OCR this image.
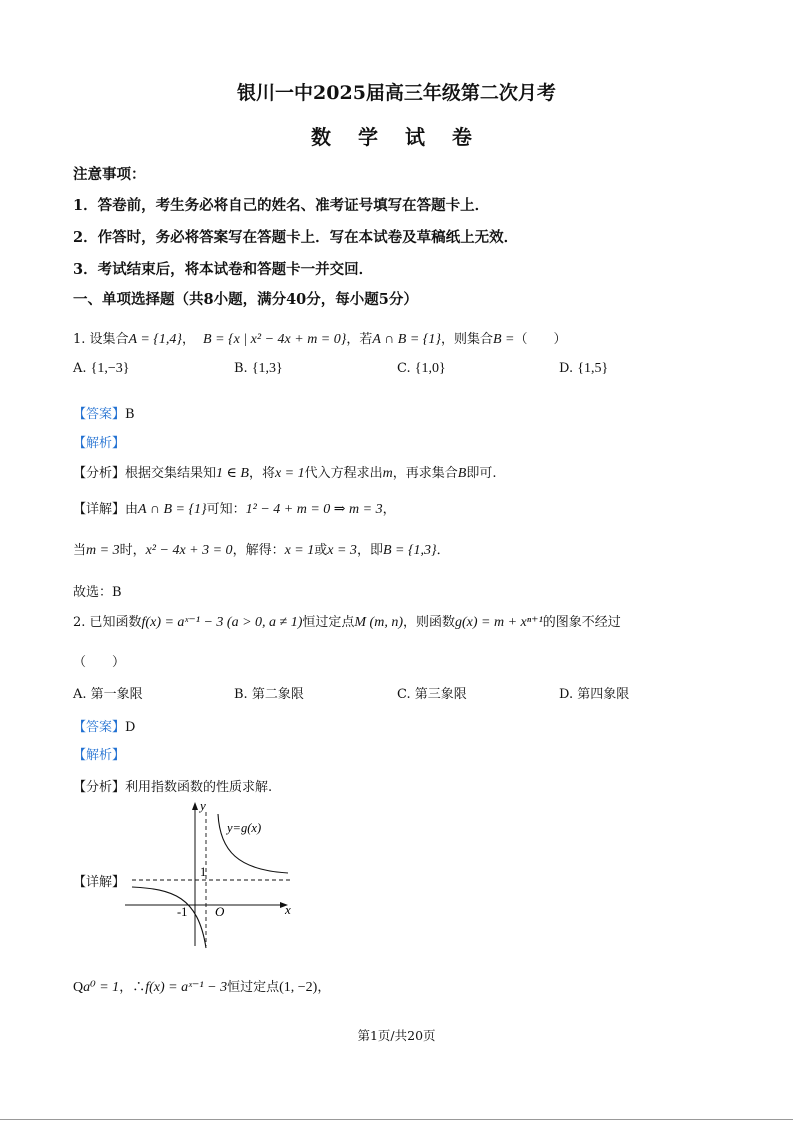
银川一中2025届高三年级第二次月考
数 学 试 卷
注意事项：
1．答卷前，考生务必将自己的姓名、准考证号填写在答题卡上．
2．作答时，务必将答案写在答题卡上．写在本试卷及草稿纸上无效．
3．考试结束后，将本试卷和答题卡一并交回．
一、单项选择题（共8小题，满分40分，每小题5分）
1. 设集合A = {1,4}， B = {x | x² − 4x + m = 0}，若A ∩ B = {1}，则集合B =（　　）
A. {1,−3}	B. {1,3}	C. {1,0}	D. {1,5}
【答案】B
【解析】
【分析】根据交集结果知1 ∈ B，将x = 1代入方程求出m，再求集合B即可.
【详解】由A ∩ B = {1}可知：1² − 4 + m = 0 ⇒ m = 3，
当m = 3时，x² − 4x + 3 = 0，解得：x = 1或x = 3，即B = {1,3}．
故选：B
2. 已知函数f(x) = aˣ⁻¹ − 3 (a > 0, a ≠ 1)恒过定点M (m, n)，则函数g(x) = m + xⁿ⁺¹的图象不经过
（　　）
A. 第一象限	B. 第二象限	C. 第三象限	D. 第四象限
【答案】D
【解析】
【分析】利用指数函数的性质求解.
【详解】
y
x
O
y=g(x)
1
-1
Qa⁰ = 1，∴f(x) = aˣ⁻¹ − 3恒过定点(1, −2)，
第1页/共20页
